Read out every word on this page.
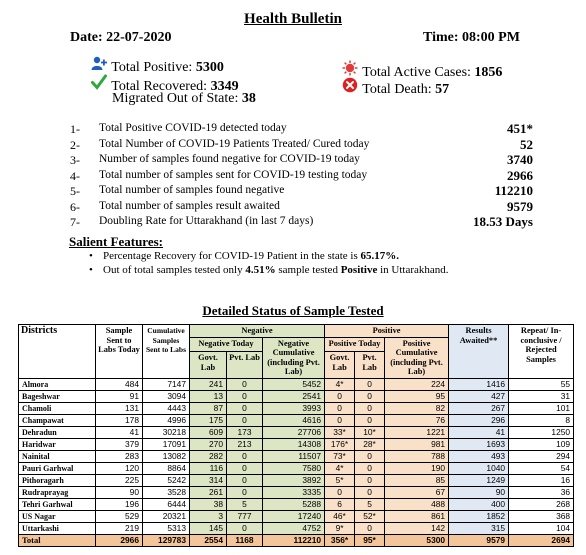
Health Bulletin
Date: 22-07-2020	Time: 08:00 PM
Total Positive: 5300
Total Recovered: 3349
Migrated Out of State: 38
Total Active Cases: 1856
Total Death: 57
1- Total Positive COVID-19 detected today	451*
2- Total Number of COVID-19 Patients Treated/ Cured today	52
3- Number of samples found negative for COVID-19 today	3740
4- Total number of samples sent for COVID-19 testing today	2966
5- Total number of samples found negative	112210
6- Total number of samples result awaited	9579
7- Doubling Rate for Uttarakhand (in last 7 days)	18.53 Days
Salient Features:
• Percentage Recovery for COVID-19 Patient in the state is 65.17%.
• Out of total samples tested only 4.51% sample tested Positive in Uttarakhand.
Detailed Status of Sample Tested
Districts	Sample Sent to Labs Today	Cumulative Samples Sent to Labs	Negative			Positive			Results Awaited**	Repeat/ In-conclusive / Rejected Samples
			Negative Today		Negative Cumulative (including Pvt. Lab)	Positive Today		Positive Cumulative (including Pvt. Lab)		
			Govt. Lab	Pvt. Lab		Govt. Lab	Pvt. Lab			
Almora	484	7147	241	0	5452	4*	0	224	1416	55
Bageshwar	91	3094	13	0	2541	0	0	95	427	31
Chamoli	131	4443	87	0	3993	0	0	82	267	101
Champawat	178	4996	175	0	4616	0	0	76	296	8
Dehradun	41	30218	609	173	27706	33*	10*	1221	41	1250
Haridwar	379	17091	270	213	14308	176*	28*	981	1693	109
Nainital	283	13082	282	0	11507	73*	0	788	493	294
Pauri Garhwal	120	8864	116	0	7580	4*	0	190	1040	54
Pithoragarh	225	5242	314	0	3892	5*	0	85	1249	16
Rudraprayag	90	3528	261	0	3335	0	0	67	90	36
Tehri Garhwal	196	6444	38	5	5288	6	5	488	400	268
US Nagar	529	20321	3	777	17240	46*	52*	861	1852	368
Uttarkashi	219	5313	145	0	4752	9*	0	142	315	104
Total	2966	129783	2554	1168	112210	356*	95*	5300	9579	2694
